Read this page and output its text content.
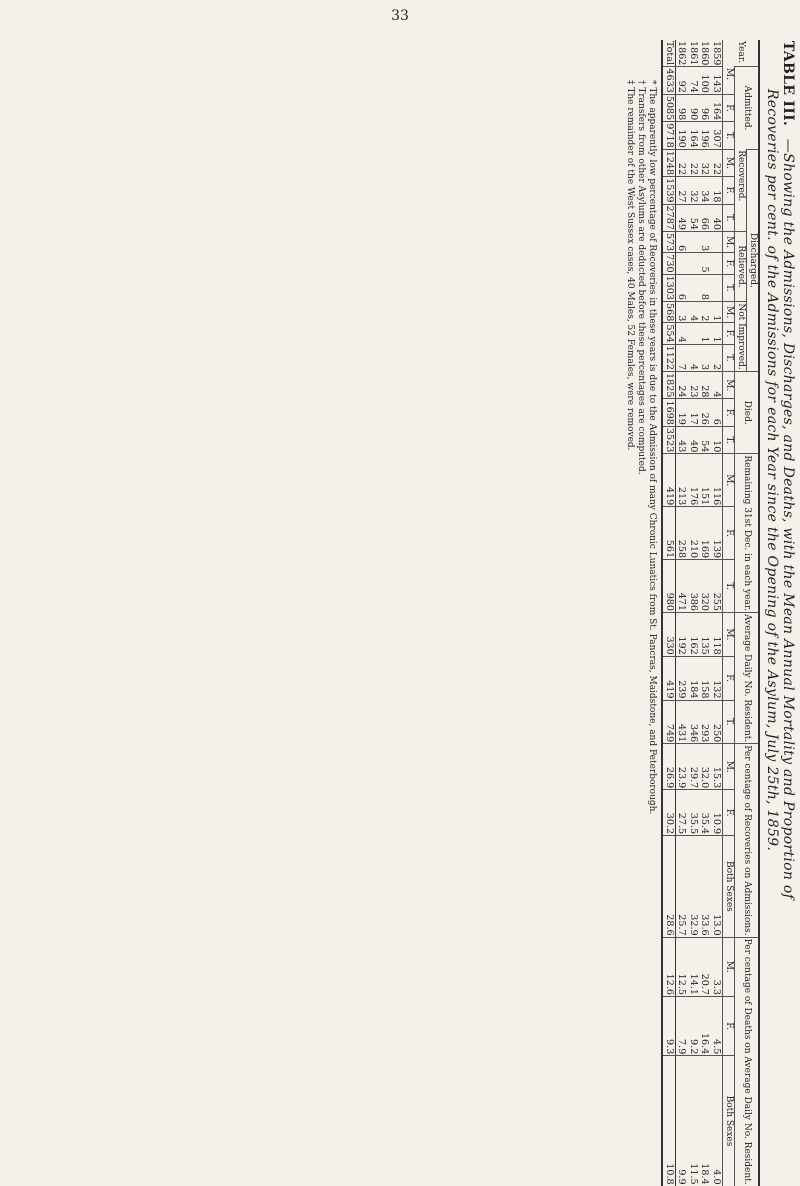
33
TABLE III. —Showing the Admissions, Discharges, and Deaths, with the Mean Annual Mortality and Proportion of Recoveries per cent. of the Admissions for each Year since the Opening of the Asylum, July 25th, 1859.
Year.	Admitted.			Discharged.									Died.			Remaining 31st Dec. in each year.			Average Daily No. Resident.			Per centage of Recoveries on Admissions.			Per centage of Deaths on Average Daily No. Resident.		
				Recovered.			Relieved.			Not Improved.																	
	M.	F.	T.	M.	F.	T.	M.	F.	T.	M.	F.	T.	M.	F.	T.	M.	F.	T.	M.	F.	T.	M.	F.	Both Sexes	M.	F.	Both Sexes
1859	143	164	307	22	18	40				1	1	2	4	6	10	116	139	255	118	132	250	15.3	10.9	13.0	3.3	4.5	4.0
1860	100	96	196	32	34	66	3	5	8	2	1	3	28	26	54	151	169	320	135	158	293	32.0	35.4	33.6	20.7	16.4	18.4
1861	74	90	164	22	32	54				4		4	23	17	40	176	210	386	162	184	346	29.7	35.5	32.9	14.1	9.2	11.5
1862	92	98	190	22	27	49	6		6	3	4	7	24	19	43	213	258	471	192	239	431	23.9	27.5	25.7	12.5	7.9	9.9
Total	4633	5085	9718	1248	1539	2787	573	730	1303	568	554	1122	1825	1698	3523	419	561	980	330	419	749	26.9	30.2	28.6	12.6	9.3	10.8
* The apparently low percentage of Recoveries in these years is due to the Admission of many Chronic Lunatics from St. Pancras, Maidstone, and Peterborough.
† Transfers from other Asylums are deducted before these percentages are computed.
‡ The remainder of the West Sussex cases, 40 Males, 52 Females, were removed.
